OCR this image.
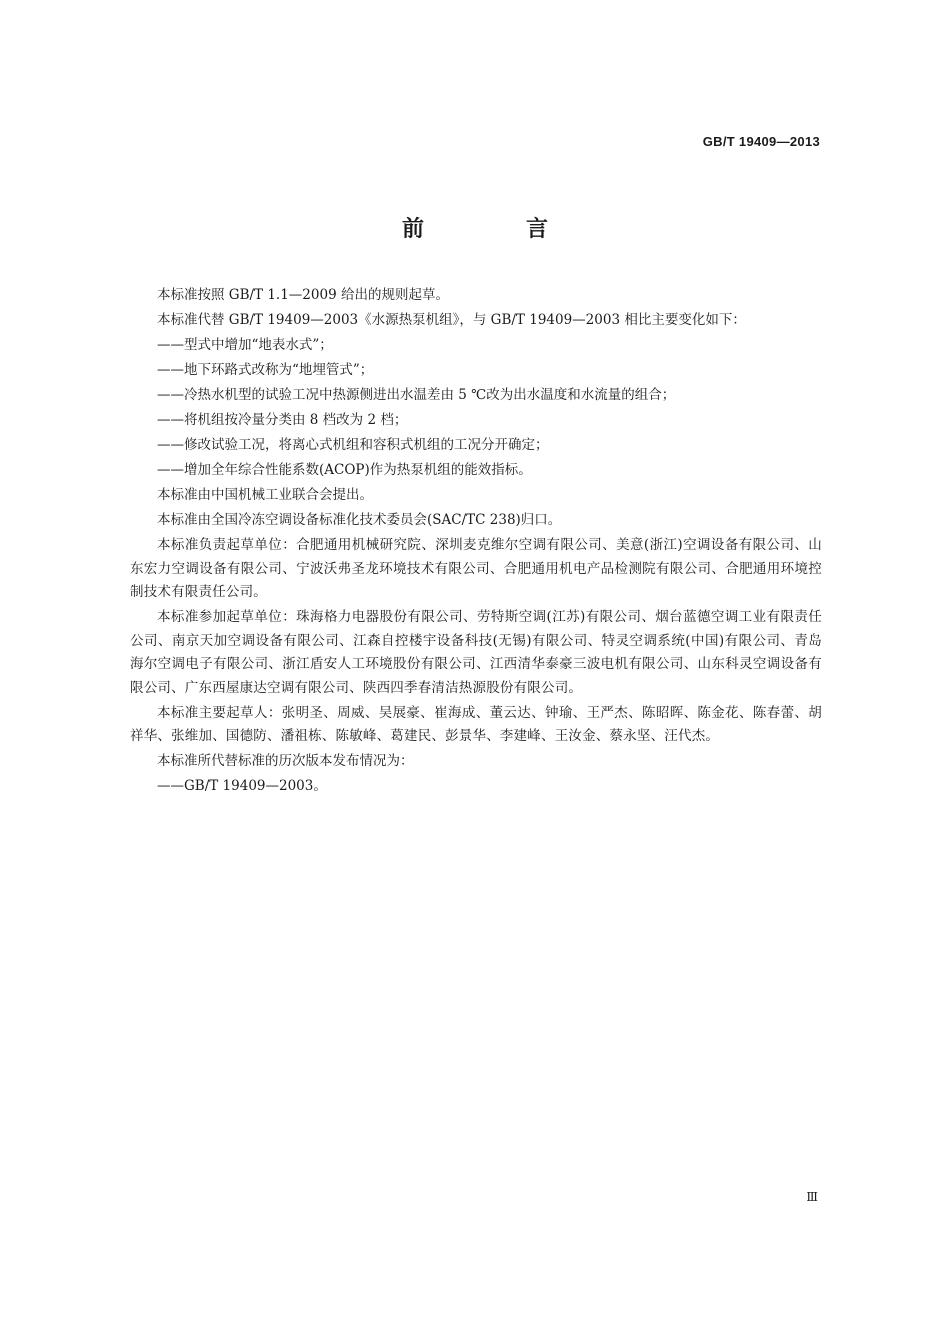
GB/T 19409—2013
前　言

本标准按照 GB/T 1.1—2009 给出的规则起草。

本标准代替 GB/T 19409—2003《水源热泵机组》，与 GB/T 19409—2003 相比主要变化如下：

——型式中增加“地表水式”；

——地下环路式改称为“地埋管式”；

——冷热水机型的试验工况中热源侧进出水温差由 5 ℃改为出水温度和水流量的组合；

——将机组按冷量分类由 8 档改为 2 档；

——修改试验工况，将离心式机组和容积式机组的工况分开确定；

——增加全年综合性能系数(ACOP)作为热泵机组的能效指标。

本标准由中国机械工业联合会提出。

本标准由全国冷冻空调设备标准化技术委员会(SAC/TC 238)归口。

本标准负责起草单位：合肥通用机械研究院、深圳麦克维尔空调有限公司、美意(浙江)空调设备有限公司、山东宏力空调设备有限公司、宁波沃弗圣龙环境技术有限公司、合肥通用机电产品检测院有限公司、合肥通用环境控制技术有限责任公司。

本标准参加起草单位：珠海格力电器股份有限公司、劳特斯空调(江苏)有限公司、烟台蓝德空调工业有限责任公司、南京天加空调设备有限公司、江森自控楼宇设备科技(无锡)有限公司、特灵空调系统(中国)有限公司、青岛海尔空调电子有限公司、浙江盾安人工环境股份有限公司、江西清华泰豪三波电机有限公司、山东科灵空调设备有限公司、广东西屋康达空调有限公司、陕西四季春清洁热源股份有限公司。

本标准主要起草人：张明圣、周威、吴展豪、崔海成、董云达、钟瑜、王严杰、陈昭晖、陈金花、陈春蕾、胡祥华、张维加、国德防、潘祖栋、陈敏峰、葛建民、彭景华、李建峰、王汝金、蔡永坚、汪代杰。

本标准所代替标准的历次版本发布情况为：

——GB/T 19409—2003。

Ⅲ
